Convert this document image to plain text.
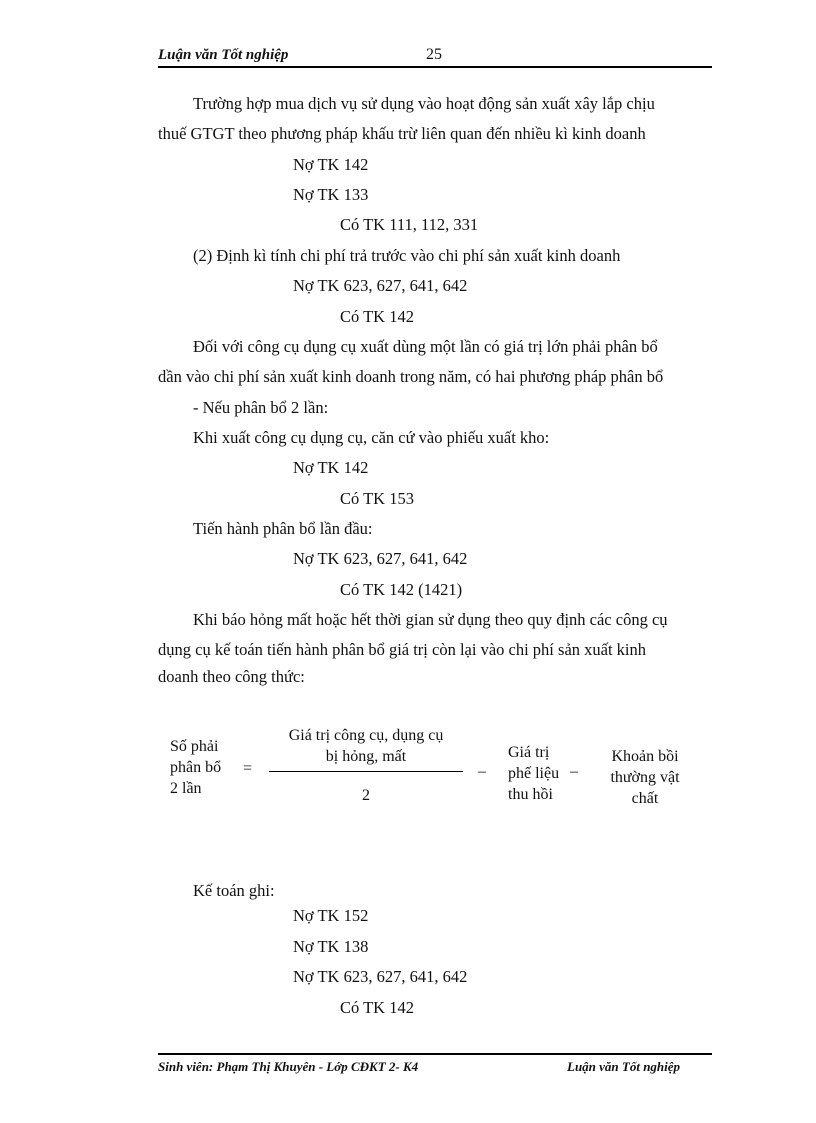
Luận văn Tốt nghiệp	25
Trường hợp mua dịch vụ sử dụng vào hoạt động sản xuất xây lắp chịu
thuế GTGT theo phương pháp khấu trừ liên quan đến nhiều kì kinh doanh
Nợ TK 142
Nợ TK 133
Có TK 111, 112, 331
(2) Định kì tính chi phí trả trước vào chi phí sản xuất kinh doanh
Nợ TK 623, 627, 641, 642
Có TK 142
Đối với công cụ dụng cụ xuất dùng một lần có giá trị lớn phải phân bổ
dần vào chi phí sản xuất kinh doanh trong năm, có hai phương pháp phân bổ
- Nếu phân bổ 2 lần:
Khi xuất công cụ dụng cụ, căn cứ vào phiếu xuất kho:
Nợ TK 142
Có TK 153
Tiến hành phân bổ lần đầu:
Nợ TK 623, 627, 641, 642
Có TK 142 (1421)
Khi báo hỏng mất hoặc hết thời gian sử dụng theo quy định các công cụ
dụng cụ kế toán tiến hành phân bổ giá trị còn lại vào chi phí sản xuất kinh
doanh theo công thức:
Số phải
phân bổ
2 lần
=
Giá trị công cụ, dụng cụ
bị hỏng, mất
2
–
Giá trị
phế liệu
thu hồi
–
Khoản bồi
thường vật
chất
Kế toán ghi:
Nợ TK 152
Nợ TK 138
Nợ TK 623, 627, 641, 642
Có TK 142
Sinh viên: Phạm Thị Khuyên - Lớp CĐKT 2- K4	Luận văn Tốt nghiệp
